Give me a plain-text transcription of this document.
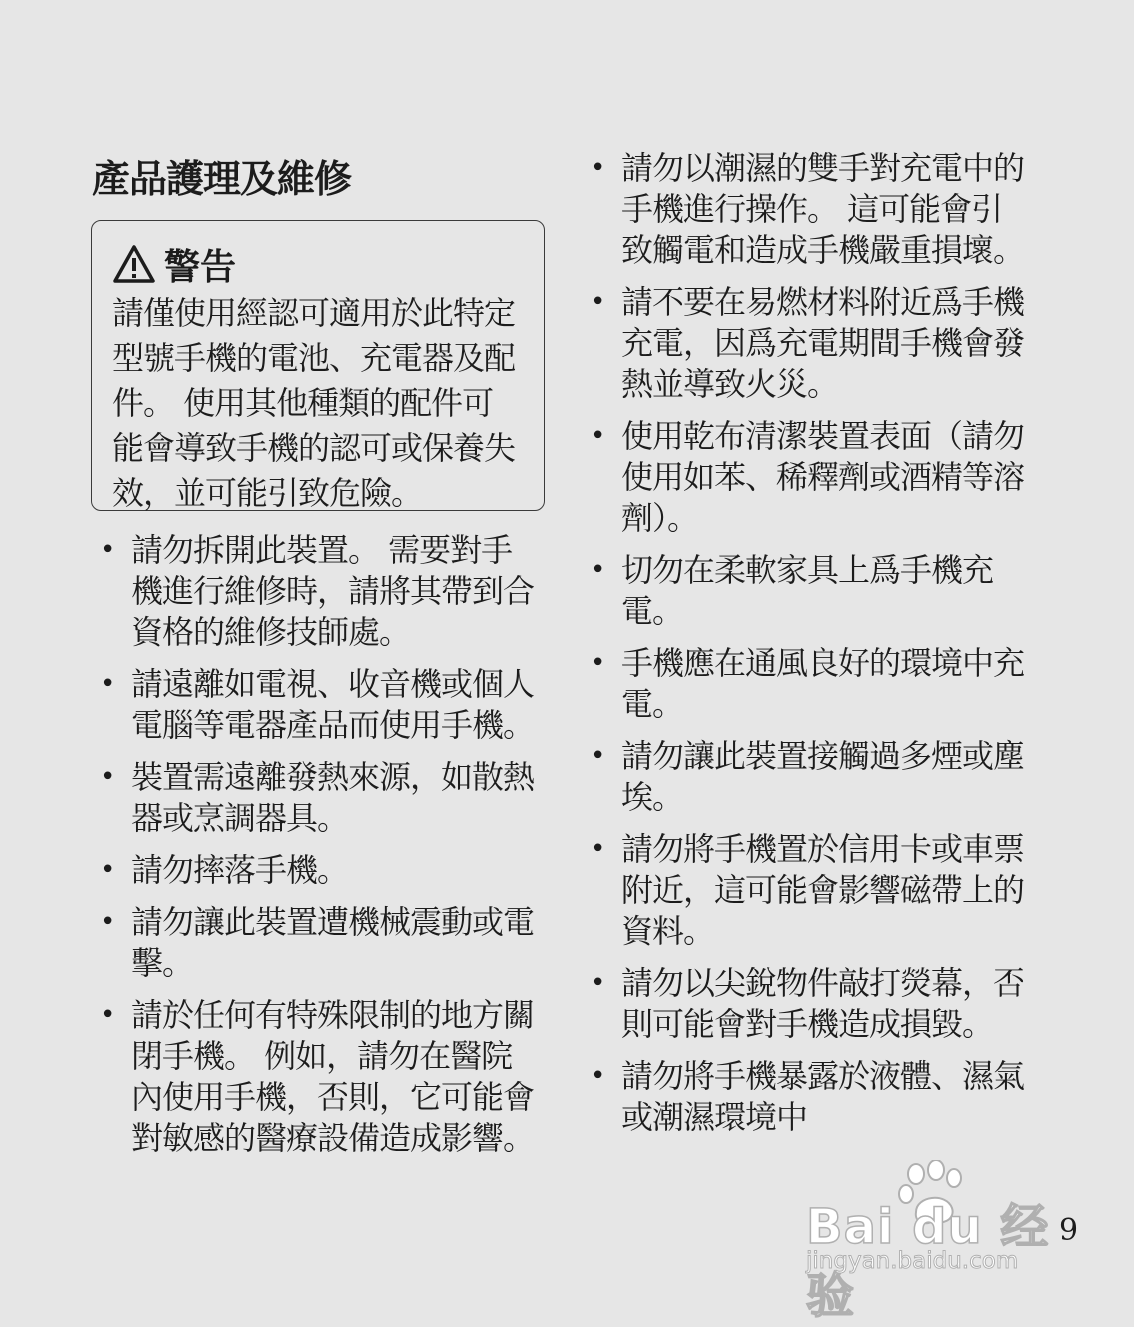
產品護理及維修
警告
請僅使用經認可適用於此特定型號手機的電池、充電器及配件。 使用其他種類的配件可能會導致手機的認可或保養失效，並可能引致危險。
• 請勿拆開此裝置。 需要對手機進行維修時，請將其帶到合資格的維修技師處。
• 請遠離如電視、收音機或個人電腦等電器產品而使用手機。
• 裝置需遠離發熱來源，如散熱器或烹調器具。
• 請勿摔落手機。
• 請勿讓此裝置遭機械震動或電擊。
• 請於任何有特殊限制的地方關閉手機。 例如，請勿在醫院內使用手機，否則，它可能會對敏感的醫療設備造成影響。
• 請勿以潮濕的雙手對充電中的手機進行操作。 這可能會引致觸電和造成手機嚴重損壞。
• 請不要在易燃材料附近爲手機充電，因爲充電期間手機會發熱並導致火災。
• 使用乾布清潔裝置表面（請勿使用如苯、稀釋劑或酒精等溶劑）。
• 切勿在柔軟家具上爲手機充電。
• 手機應在通風良好的環境中充電。
• 請勿讓此裝置接觸過多煙或塵埃。
• 請勿將手機置於信用卡或車票附近，這可能會影響磁帶上的資料。
• 請勿以尖銳物件敲打熒幕，否則可能會對手機造成損毀。
• 請勿將手機暴露於液體、濕氣或潮濕環境中
Bai du 经验
jingyan.baidu.com
9
